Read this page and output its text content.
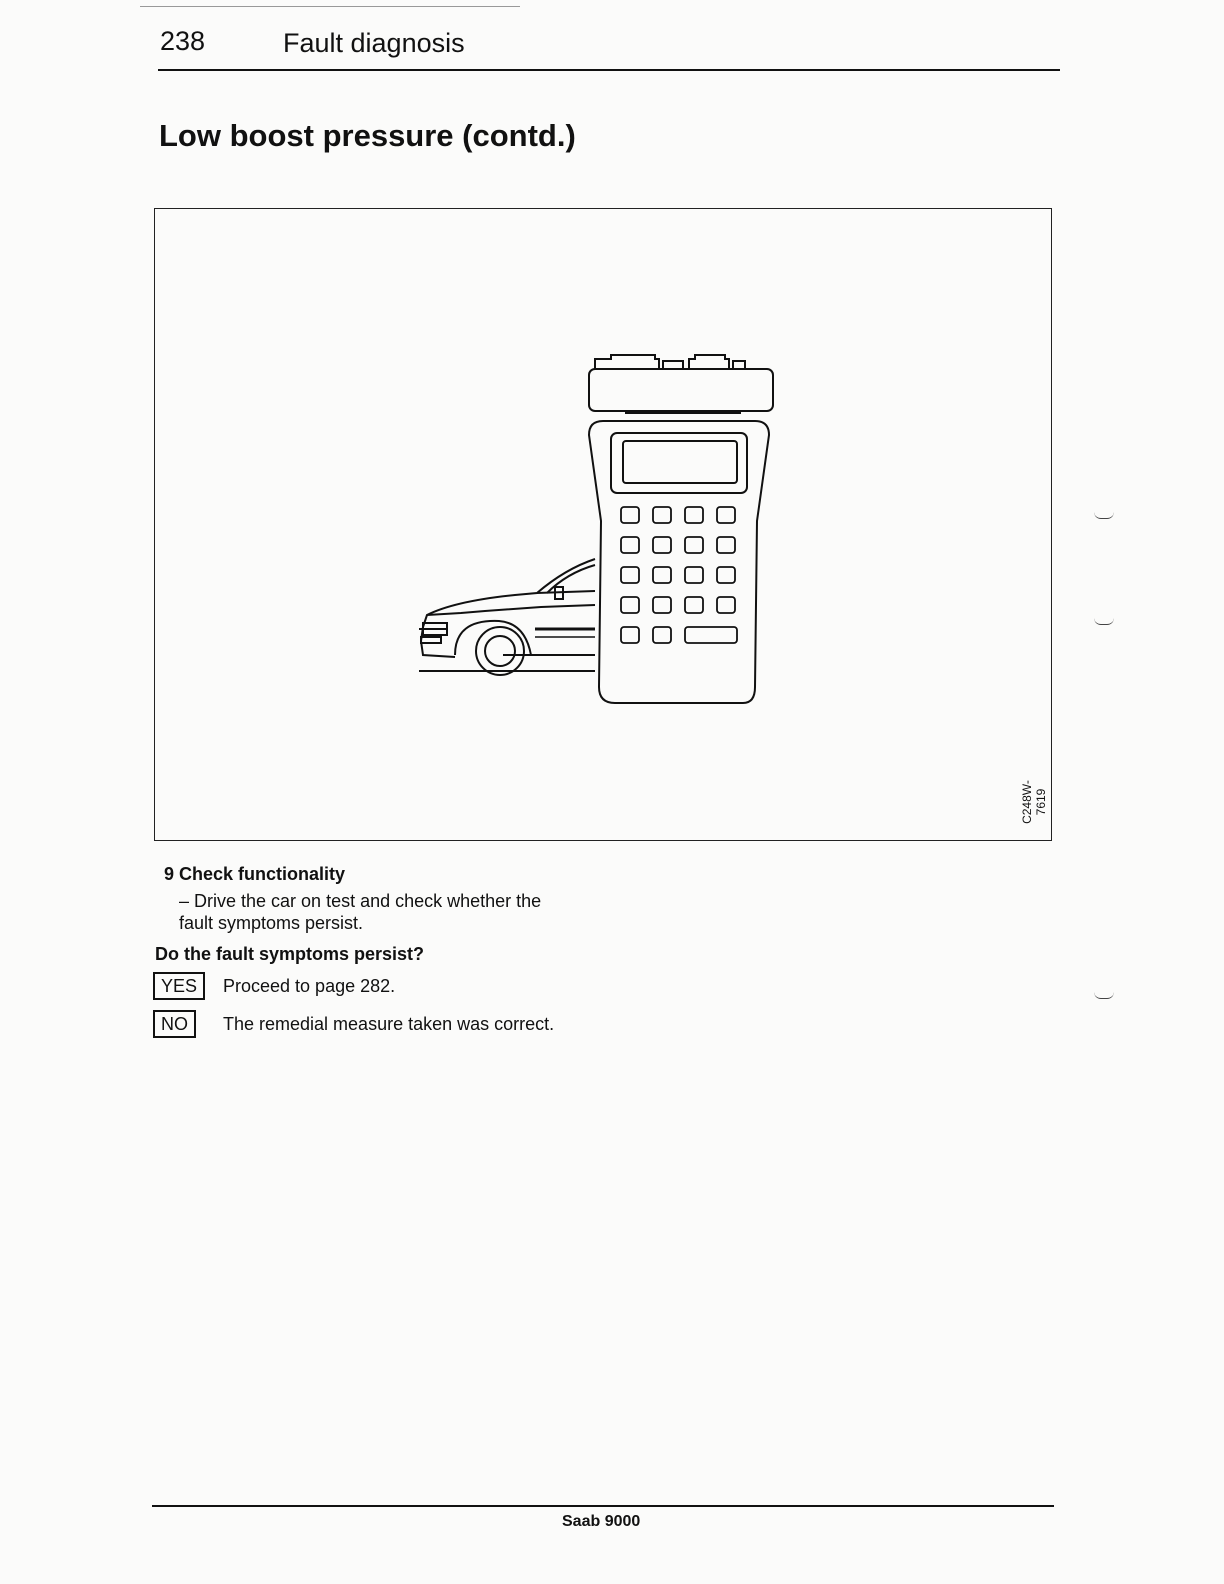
238	Fault diagnosis
Low boost pressure (contd.)
C248W-7619
9 Check functionality
– Drive the car on test and check whether the fault symptoms persist.
Do the fault symptoms persist?
YES	Proceed to page 282.
NO	The remedial measure taken was correct.
Saab 9000
